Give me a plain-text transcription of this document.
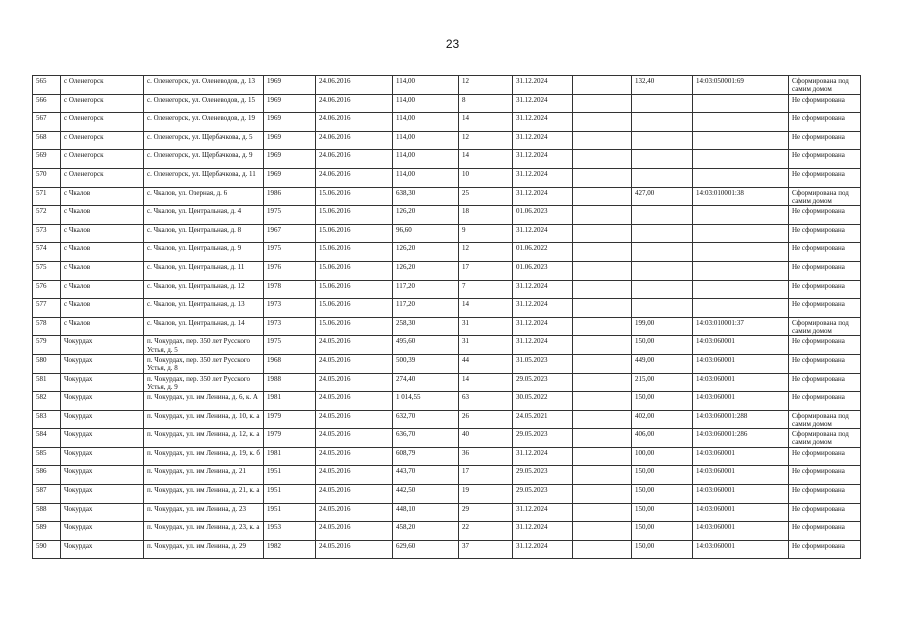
23
565	с Оленегорск	с. Оленегорск, ул. Оленеводов, д. 13	1969	24.06.2016	114,00	12	31.12.2024		132,40	14:03:050001:69	Сформирована под самим домом
566	с Оленегорск	с. Оленегорск, ул. Оленеводов, д. 15	1969	24.06.2016	114,00	8	31.12.2024				Не сформирована
567	с Оленегорск	с. Оленегорск, ул. Оленеводов, д. 19	1969	24.06.2016	114,00	14	31.12.2024				Не сформирована
568	с Оленегорск	с. Оленегорск, ул. Щербачкова, д. 5	1969	24.06.2016	114,00	12	31.12.2024				Не сформирована
569	с Оленегорск	с. Оленегорск, ул. Щербачкова, д. 9	1969	24.06.2016	114,00	14	31.12.2024				Не сформирована
570	с Оленегорск	с. Оленегорск, ул. Щербачкова, д. 11	1969	24.06.2016	114,00	10	31.12.2024				Не сформирована
571	с Чкалов	с. Чкалов, ул. Озерная, д. 6	1986	15.06.2016	638,30	25	31.12.2024		427,00	14:03:010001:38	Сформирована под самим домом
572	с Чкалов	с. Чкалов, ул. Центральная, д. 4	1975	15.06.2016	126,20	18	01.06.2023				Не сформирована
573	с Чкалов	с. Чкалов, ул. Центральная, д. 8	1967	15.06.2016	96,60	9	31.12.2024				Не сформирована
574	с Чкалов	с. Чкалов, ул. Центральная, д. 9	1975	15.06.2016	126,20	12	01.06.2022				Не сформирована
575	с Чкалов	с. Чкалов, ул. Центральная, д. 11	1976	15.06.2016	126,20	17	01.06.2023				Не сформирована
576	с Чкалов	с. Чкалов, ул. Центральная, д. 12	1978	15.06.2016	117,20	7	31.12.2024				Не сформирована
577	с Чкалов	с. Чкалов, ул. Центральная, д. 13	1973	15.06.2016	117,20	14	31.12.2024				Не сформирована
578	с Чкалов	с. Чкалов, ул. Центральная, д. 14	1973	15.06.2016	258,30	31	31.12.2024		199,00	14:03:010001:37	Сформирована под самим домом
579	Чокурдах	п. Чокурдах, пер. 350 лет Русского Устья, д. 5	1975	24.05.2016	495,60	31	31.12.2024		150,00	14:03:060001	Не сформирована
580	Чокурдах	п. Чокурдах, пер. 350 лет Русского Устья, д. 8	1968	24.05.2016	500,39	44	31.05.2023		449,00	14:03:060001	Не сформирована
581	Чокурдах	п. Чокурдах, пер. 350 лет Русского Устья, д. 9	1988	24.05.2016	274,40	14	29.05.2023		215,00	14:03:060001	Не сформирована
582	Чокурдах	п. Чокурдах, ул. им Ленина, д. 6, к. А	1981	24.05.2016	1 014,55	63	30.05.2022		150,00	14:03:060001	Не сформирована
583	Чокурдах	п. Чокурдах, ул. им Ленина, д. 10, к. а	1979	24.05.2016	632,70	26	24.05.2021		402,00	14:03:060001:288	Сформирована под самим домом
584	Чокурдах	п. Чокурдах, ул. им Ленина, д. 12, к. а	1979	24.05.2016	636,70	40	29.05.2023		406,00	14:03:060001:286	Сформирована под самим домом
585	Чокурдах	п. Чокурдах, ул. им Ленина, д. 19, к. б	1981	24.05.2016	608,79	36	31.12.2024		100,00	14:03:060001	Не сформирована
586	Чокурдах	п. Чокурдах, ул. им Ленина, д. 21	1951	24.05.2016	443,70	17	29.05.2023		150,00	14:03:060001	Не сформирована
587	Чокурдах	п. Чокурдах, ул. им Ленина, д. 21, к. а	1951	24.05.2016	442,50	19	29.05.2023		150,00	14:03:060001	Не сформирована
588	Чокурдах	п. Чокурдах, ул. им Ленина, д. 23	1951	24.05.2016	448,10	29	31.12.2024		150,00	14:03:060001	Не сформирована
589	Чокурдах	п. Чокурдах, ул. им Ленина, д. 23, к. а	1953	24.05.2016	458,20	22	31.12.2024		150,00	14:03:060001	Не сформирована
590	Чокурдах	п. Чокурдах, ул. им Ленина, д. 29	1982	24.05.2016	629,60	37	31.12.2024		150,00	14:03:060001	Не сформирована
